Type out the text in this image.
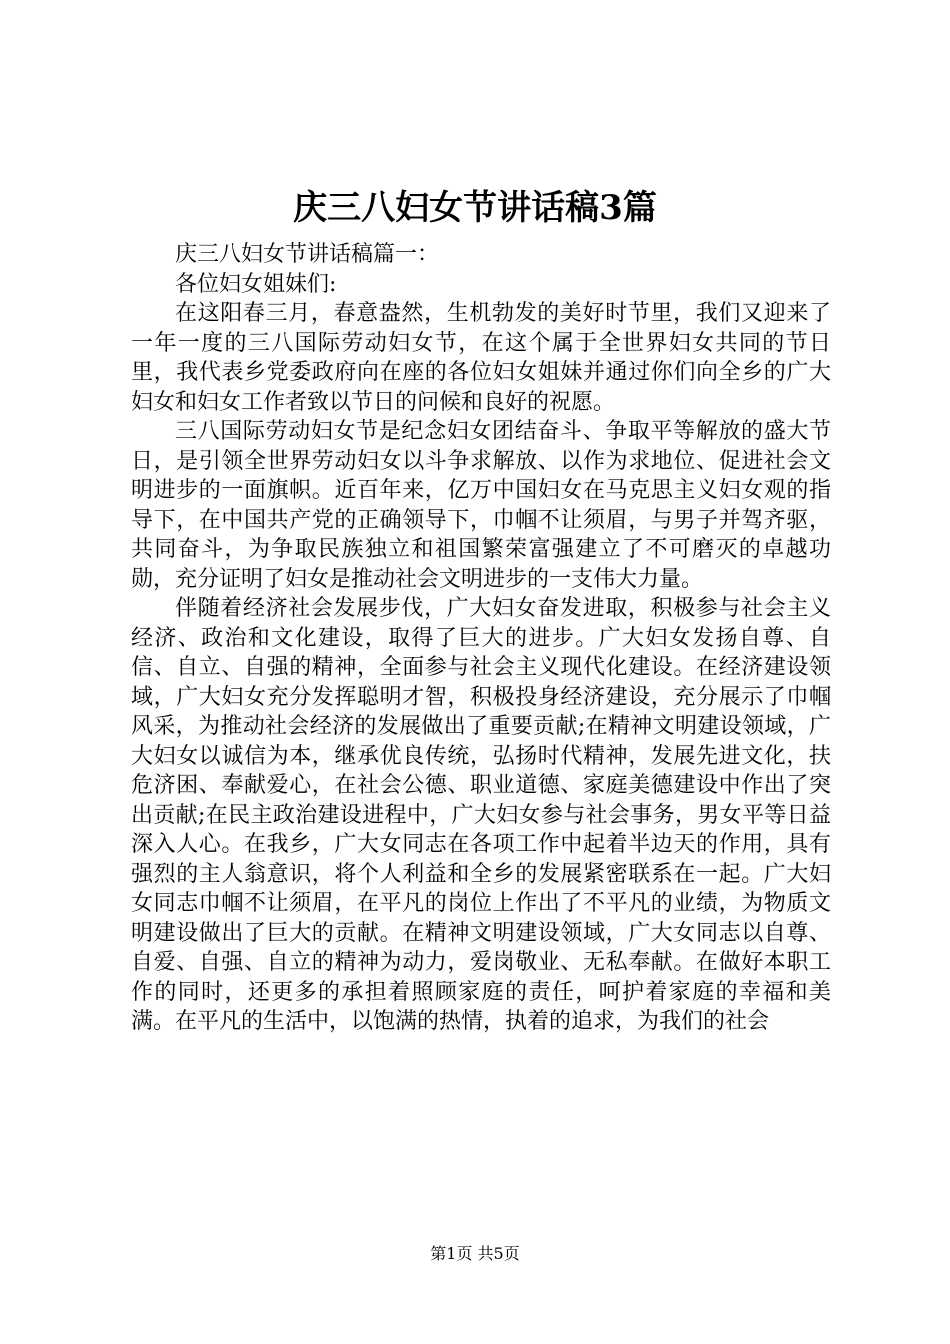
庆三八妇女节讲话稿3篇

庆三八妇女节讲话稿篇一：

各位妇女姐妹们:

在这阳春三月，春意盎然，生机勃发的美好时节里，我们又迎来了一年一度的三八国际劳动妇女节，在这个属于全世界妇女共同的节日里，我代表乡党委政府向在座的各位妇女姐妹并通过你们向全乡的广大妇女和妇女工作者致以节日的问候和良好的祝愿。

三八国际劳动妇女节是纪念妇女团结奋斗、争取平等解放的盛大节日，是引领全世界劳动妇女以斗争求解放、以作为求地位、促进社会文明进步的一面旗帜。近百年来，亿万中国妇女在马克思主义妇女观的指导下，在中国共产党的正确领导下，巾帼不让须眉，与男子并驾齐驱，共同奋斗，为争取民族独立和祖国繁荣富强建立了不可磨灭的卓越功勋，充分证明了妇女是推动社会文明进步的一支伟大力量。

伴随着经济社会发展步伐，广大妇女奋发进取，积极参与社会主义经济、政治和文化建设，取得了巨大的进步。广大妇女发扬自尊、自信、自立、自强的精神，全面参与社会主义现代化建设。在经济建设领域，广大妇女充分发挥聪明才智，积极投身经济建设，充分展示了巾帼风采，为推动社会经济的发展做出了重要贡献;在精神文明建设领域，广大妇女以诚信为本，继承优良传统，弘扬时代精神，发展先进文化，扶危济困、奉献爱心，在社会公德、职业道德、家庭美德建设中作出了突出贡献;在民主政治建设进程中，广大妇女参与社会事务，男女平等日益深入人心。在我乡，广大女同志在各项工作中起着半边天的作用，具有强烈的主人翁意识，将个人利益和全乡的发展紧密联系在一起。广大妇女同志巾帼不让须眉，在平凡的岗位上作出了不平凡的业绩，为物质文明建设做出了巨大的贡献。在精神文明建设领域，广大女同志以自尊、自爱、自强、自立的精神为动力，爱岗敬业、无私奉献。在做好本职工作的同时，还更多的承担着照顾家庭的责任，呵护着家庭的幸福和美满。在平凡的生活中，以饱满的热情，执着的追求，为我们的社会

第1页 共5页
